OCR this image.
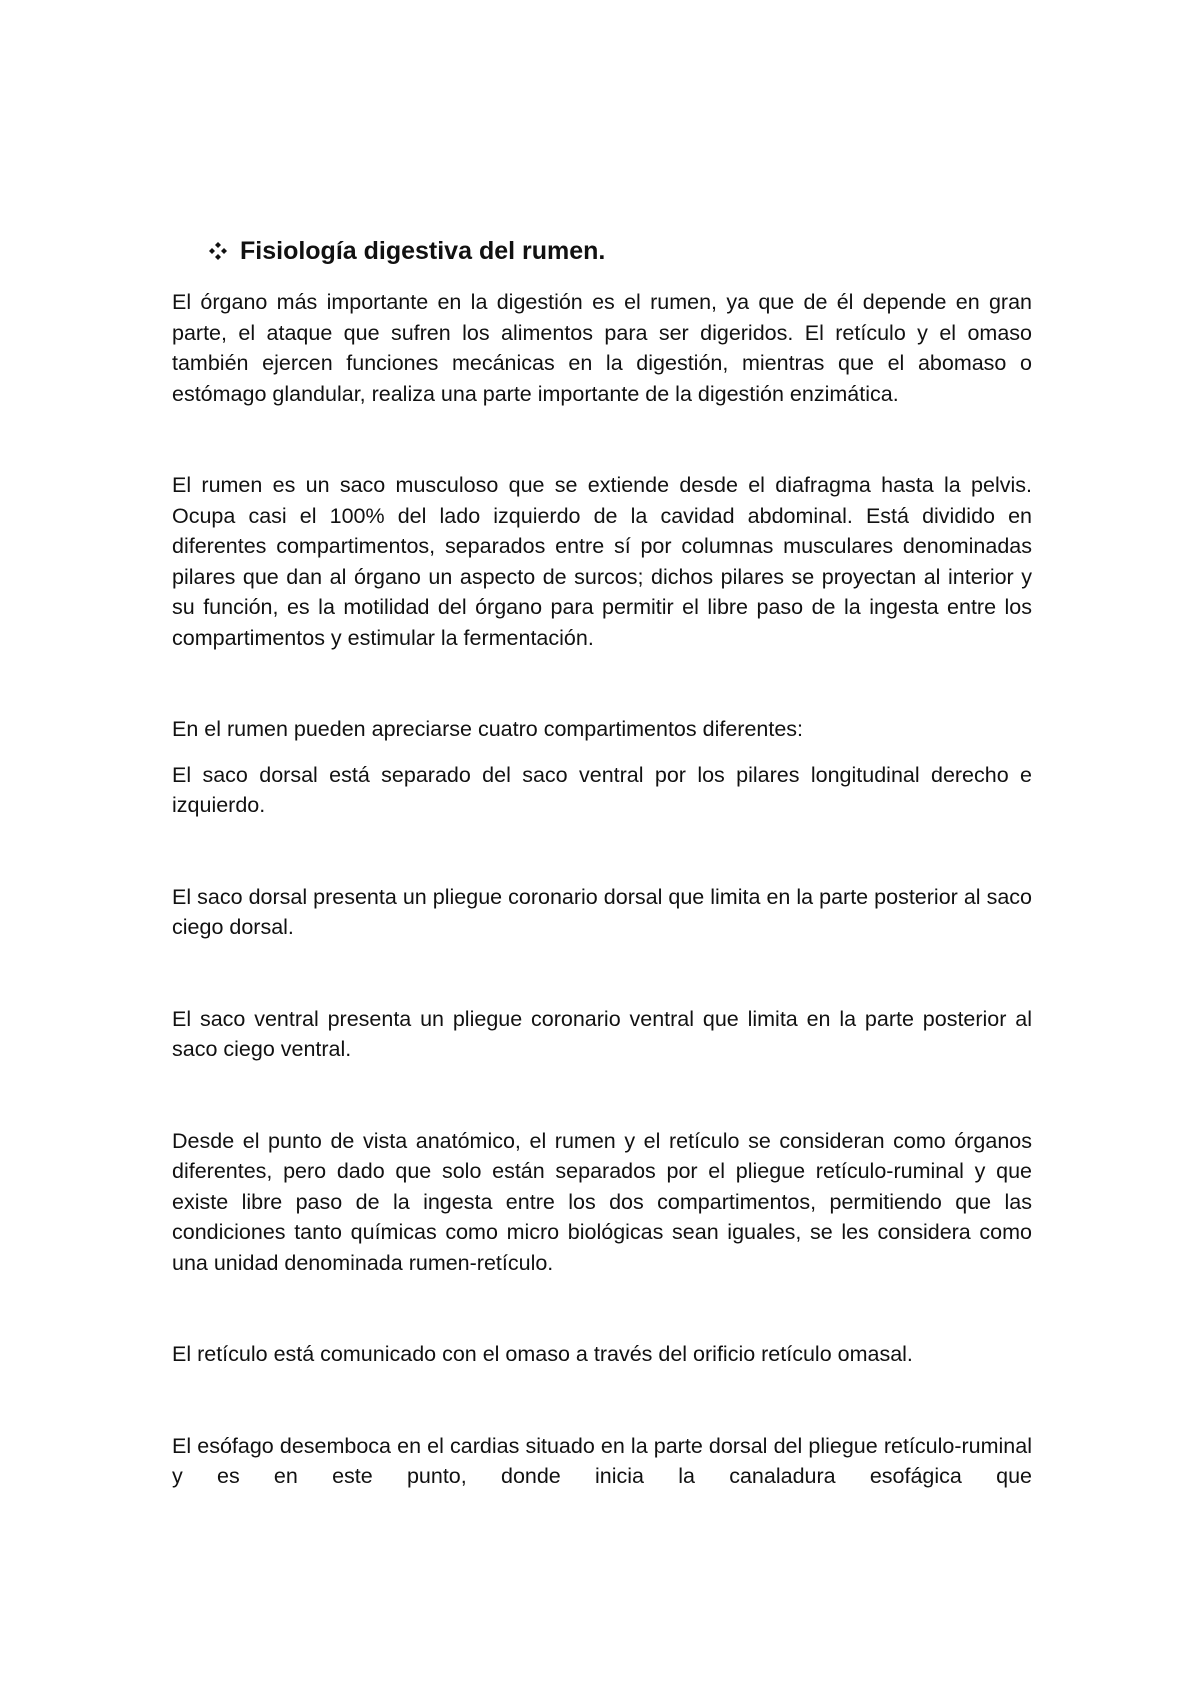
Fisiología digestiva del rumen.

El órgano más importante en la digestión es el rumen, ya que de él depende en gran parte, el ataque que sufren los alimentos para ser digeridos. El retículo y el omaso también ejercen funciones mecánicas en la digestión, mientras que el abomaso o estómago glandular, realiza una parte importante de la digestión enzimática.

El rumen es un saco musculoso que se extiende desde el diafragma hasta la pelvis. Ocupa casi el 100% del lado izquierdo de la cavidad abdominal. Está dividido en diferentes compartimentos, separados entre sí por columnas musculares denominadas pilares que dan al órgano un aspecto de surcos; dichos pilares se proyectan al interior y su función, es la motilidad del órgano para permitir el libre paso de la ingesta entre los compartimentos y estimular la fermentación.

En el rumen pueden apreciarse cuatro compartimentos diferentes:

El saco dorsal está separado del saco ventral por los pilares longitudinal derecho e izquierdo.

El saco dorsal presenta un pliegue coronario dorsal que limita en la parte posterior al saco ciego dorsal.

El saco ventral presenta un pliegue coronario ventral que limita en la parte posterior al saco ciego ventral.

Desde el punto de vista anatómico, el rumen y el retículo se consideran como órganos diferentes, pero dado que solo están separados por el pliegue retículo-ruminal y que existe libre paso de la ingesta entre los dos compartimentos, permitiendo que las condiciones tanto químicas como micro biológicas sean iguales, se les considera como una unidad denominada rumen-retículo.

El retículo está comunicado con el omaso a través del orificio retículo omasal.

El esófago desemboca en el cardias situado en la parte dorsal del pliegue retículo-ruminal y es en este punto, donde inicia la canaladura esofágica que
